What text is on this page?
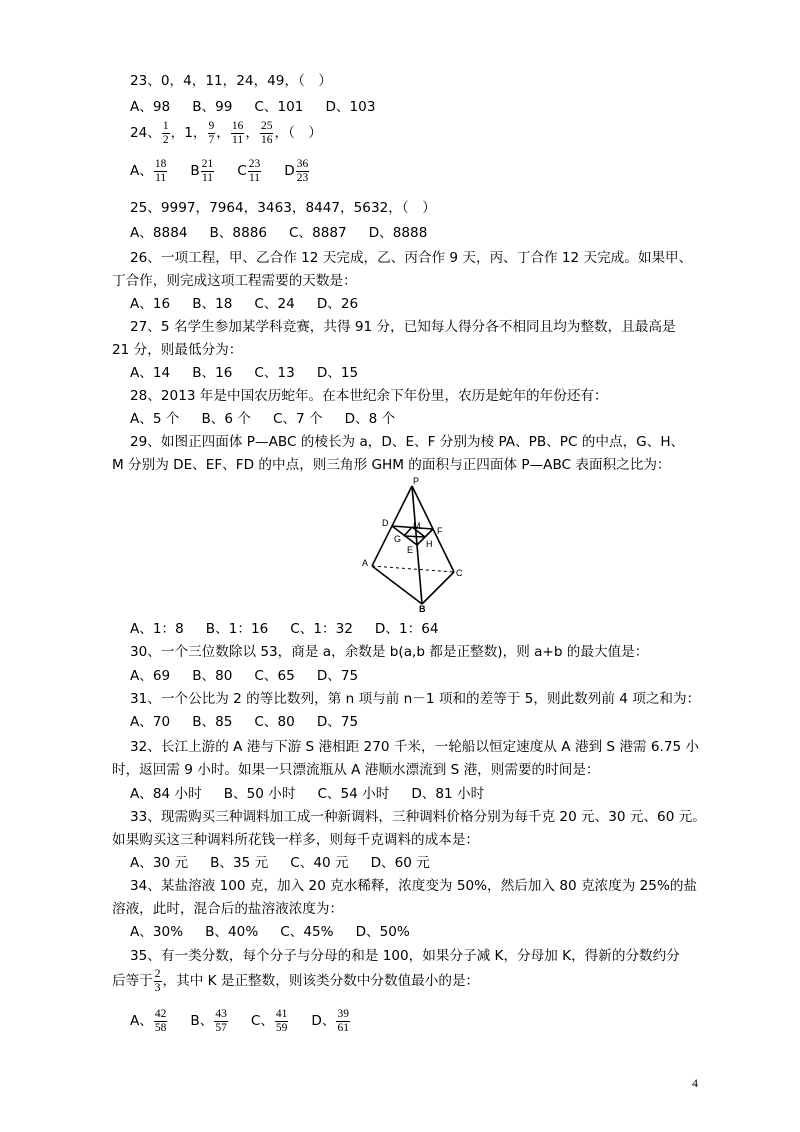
23、0，4，11，24，49，（　）
A、98 B、99 C、101 D、103
24、 $\frac{1}{2}$ ，1， $\frac{9}{7}$ ， $\frac{16}{11}$ ， $\frac{25}{16}$ ，（　）
A、 $\frac{18}{11}$ B $\frac{21}{11}$ C $\frac{23}{11}$ D $\frac{36}{23}$
25、9997，7964，3463，8447，5632，（　）
A、8884 B、8886 C、8887 D、8888
26、一项工程，甲、乙合作 12 天完成，乙、丙合作 9 天，丙、丁合作 12 天完成。如果甲、
丁合作，则完成这项工程需要的天数是：
A、16 B、18 C、24 D、26
27、5 名学生参加某学科竞赛，共得 91 分，已知每人得分各不相同且均为整数，且最高是
21 分，则最低分为：
A、14 B、16 C、13 D、15
28、2013 年是中国农历蛇年。在本世纪余下年份里，农历是蛇年的年份还有：
A、5 个 B、6 个 C、7 个 D、8 个
29、如图正四面体 P—ABC 的棱长为 a，D、E、F 分别为棱 PA、PB、PC 的中点，G、H、
M 分别为 DE、EF、FD 的中点，则三角形 GHM 的面积与正四面体 P—ABC 表面积之比为：
P
D	M F
G
E
H
A
C
B
A、1：8 B、1：16 C、1：32 D、1：64
30、一个三位数除以 53，商是 a，余数是 b(a,b 都是正整数)，则 a+b 的最大值是：
A、69 B、80 C、65 D、75
31、一个公比为 2 的等比数列，第 n 项与前 n－1 项和的差等于 5，则此数列前 4 项之和为：
A、70 B、85 C、80 D、75
32、长江上游的 A 港与下游 S 港相距 270 千米，一轮船以恒定速度从 A 港到 S 港需 6.75 小
时，返回需 9 小时。如果一只漂流瓶从 A 港顺水漂流到 S 港，则需要的时间是：
A、84 小时 B、50 小时 C、54 小时 D、81 小时
33、现需购买三种调料加工成一种新调料，三种调料价格分别为每千克 20 元、30 元、60 元。
如果购买这三种调料所花钱一样多，则每千克调料的成本是：
A、30 元 B、35 元 C、40 元 D、60 元
34、某盐溶液 100 克，加入 20 克水稀释，浓度变为 50%，然后加入 80 克浓度为 25%的盐
溶液，此时，混合后的盐溶液浓度为：
A、30% B、40% C、45% D、50%
35、有一类分数，每个分子与分母的和是 100，如果分子减 K，分母加 K，得新的分数约分
后等于 $\frac{2}{3}$ ，其中 K 是正整数，则该类分数中分数值最小的是：
A、 $\frac{42}{58}$ B、 $\frac{43}{57}$ C、 $\frac{41}{59}$ D、 $\frac{39}{61}$
4
